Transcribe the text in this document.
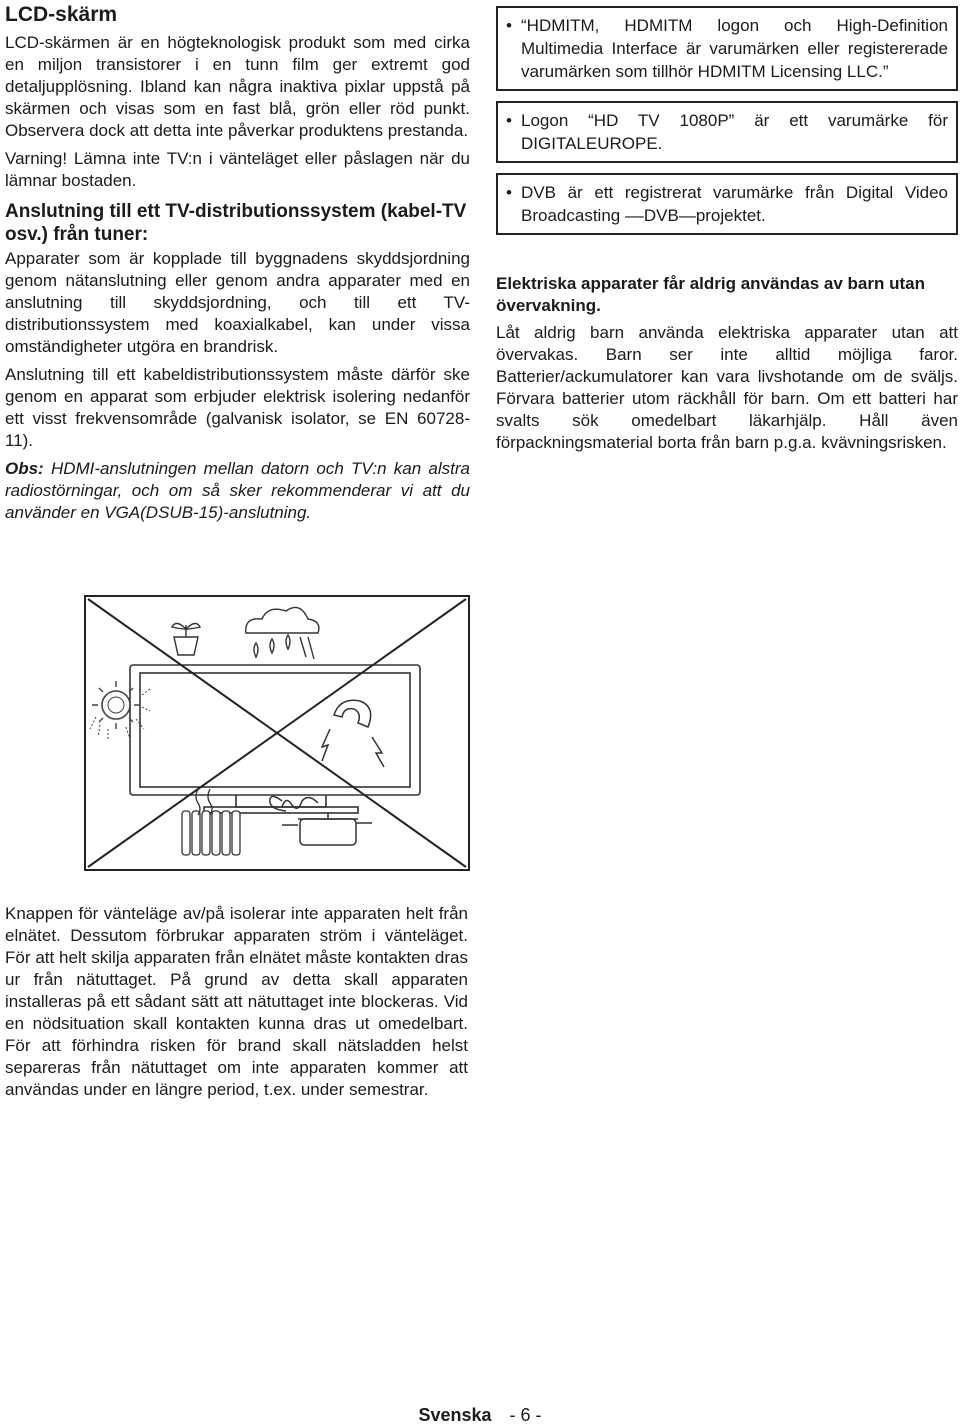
LCD-skärm

LCD-skärmen är en högteknologisk produkt som med cirka en miljon transistorer i en tunn film ger extremt god detaljupplösning. Ibland kan några inaktiva pixlar uppstå på skärmen och visas som en fast blå, grön eller röd punkt. Observera dock att detta inte påverkar produktens prestanda.

Varning! Lämna inte TV:n i vänteläget eller påslagen när du lämnar bostaden.

Anslutning till ett TV-distributionssystem (kabel-TV osv.) från tuner:

Apparater som är kopplade till byggnadens skyddsjordning genom nätanslutning eller genom andra apparater med en anslutning till skyddsjordning, och till ett TV-distributionssystem med koaxialkabel, kan under vissa omständigheter utgöra en brandrisk.

Anslutning till ett kabeldistributionssystem måste därför ske genom en apparat som erbjuder elektrisk isolering nedanför ett visst frekvensområde (galvanisk isolator, se EN 60728-11).

Obs: HDMI-anslutningen mellan datorn och TV:n kan alstra radiostörningar, och om så sker rekommenderar vi att du använder en VGA(DSUB-15)-anslutning.

• “HDMITM, HDMITM logon och High-Definition Multimedia Interface är varumärken eller registererade varumärken som tillhör HDMITM Licensing LLC.”
• Logon “HD TV 1080P” är ett varumärke för DIGITALEUROPE.
• DVB är ett registrerat varumärke från Digital Video Broadcasting ––DVB—projektet.
Elektriska apparater får aldrig användas av barn utan övervakning.

Låt aldrig barn använda elektriska apparater utan att övervakas. Barn ser inte alltid möjliga faror. Batterier/ackumulatorer kan vara livshotande om de sväljs. Förvara batterier utom räckhåll för barn. Om ett batteri har svalts sök omedelbart läkarhjälp. Håll även förpackningsmaterial borta från barn p.g.a. kvävningsrisken.

Knappen för vänteläge av/på isolerar inte apparaten helt från elnätet. Dessutom förbrukar apparaten ström i vänteläget. För att helt skilja apparaten från elnätet måste kontakten dras ur från nätuttaget. På grund av detta skall apparaten installeras på ett sådant sätt att nätuttaget inte blockeras. Vid en nödsituation skall kontakten kunna dras ut omedelbart. För att förhindra risken för brand skall nätsladden helst separeras från nätuttaget om inte apparaten kommer att användas under en längre period, t.ex. under semestrar.

Svenska - 6 -
